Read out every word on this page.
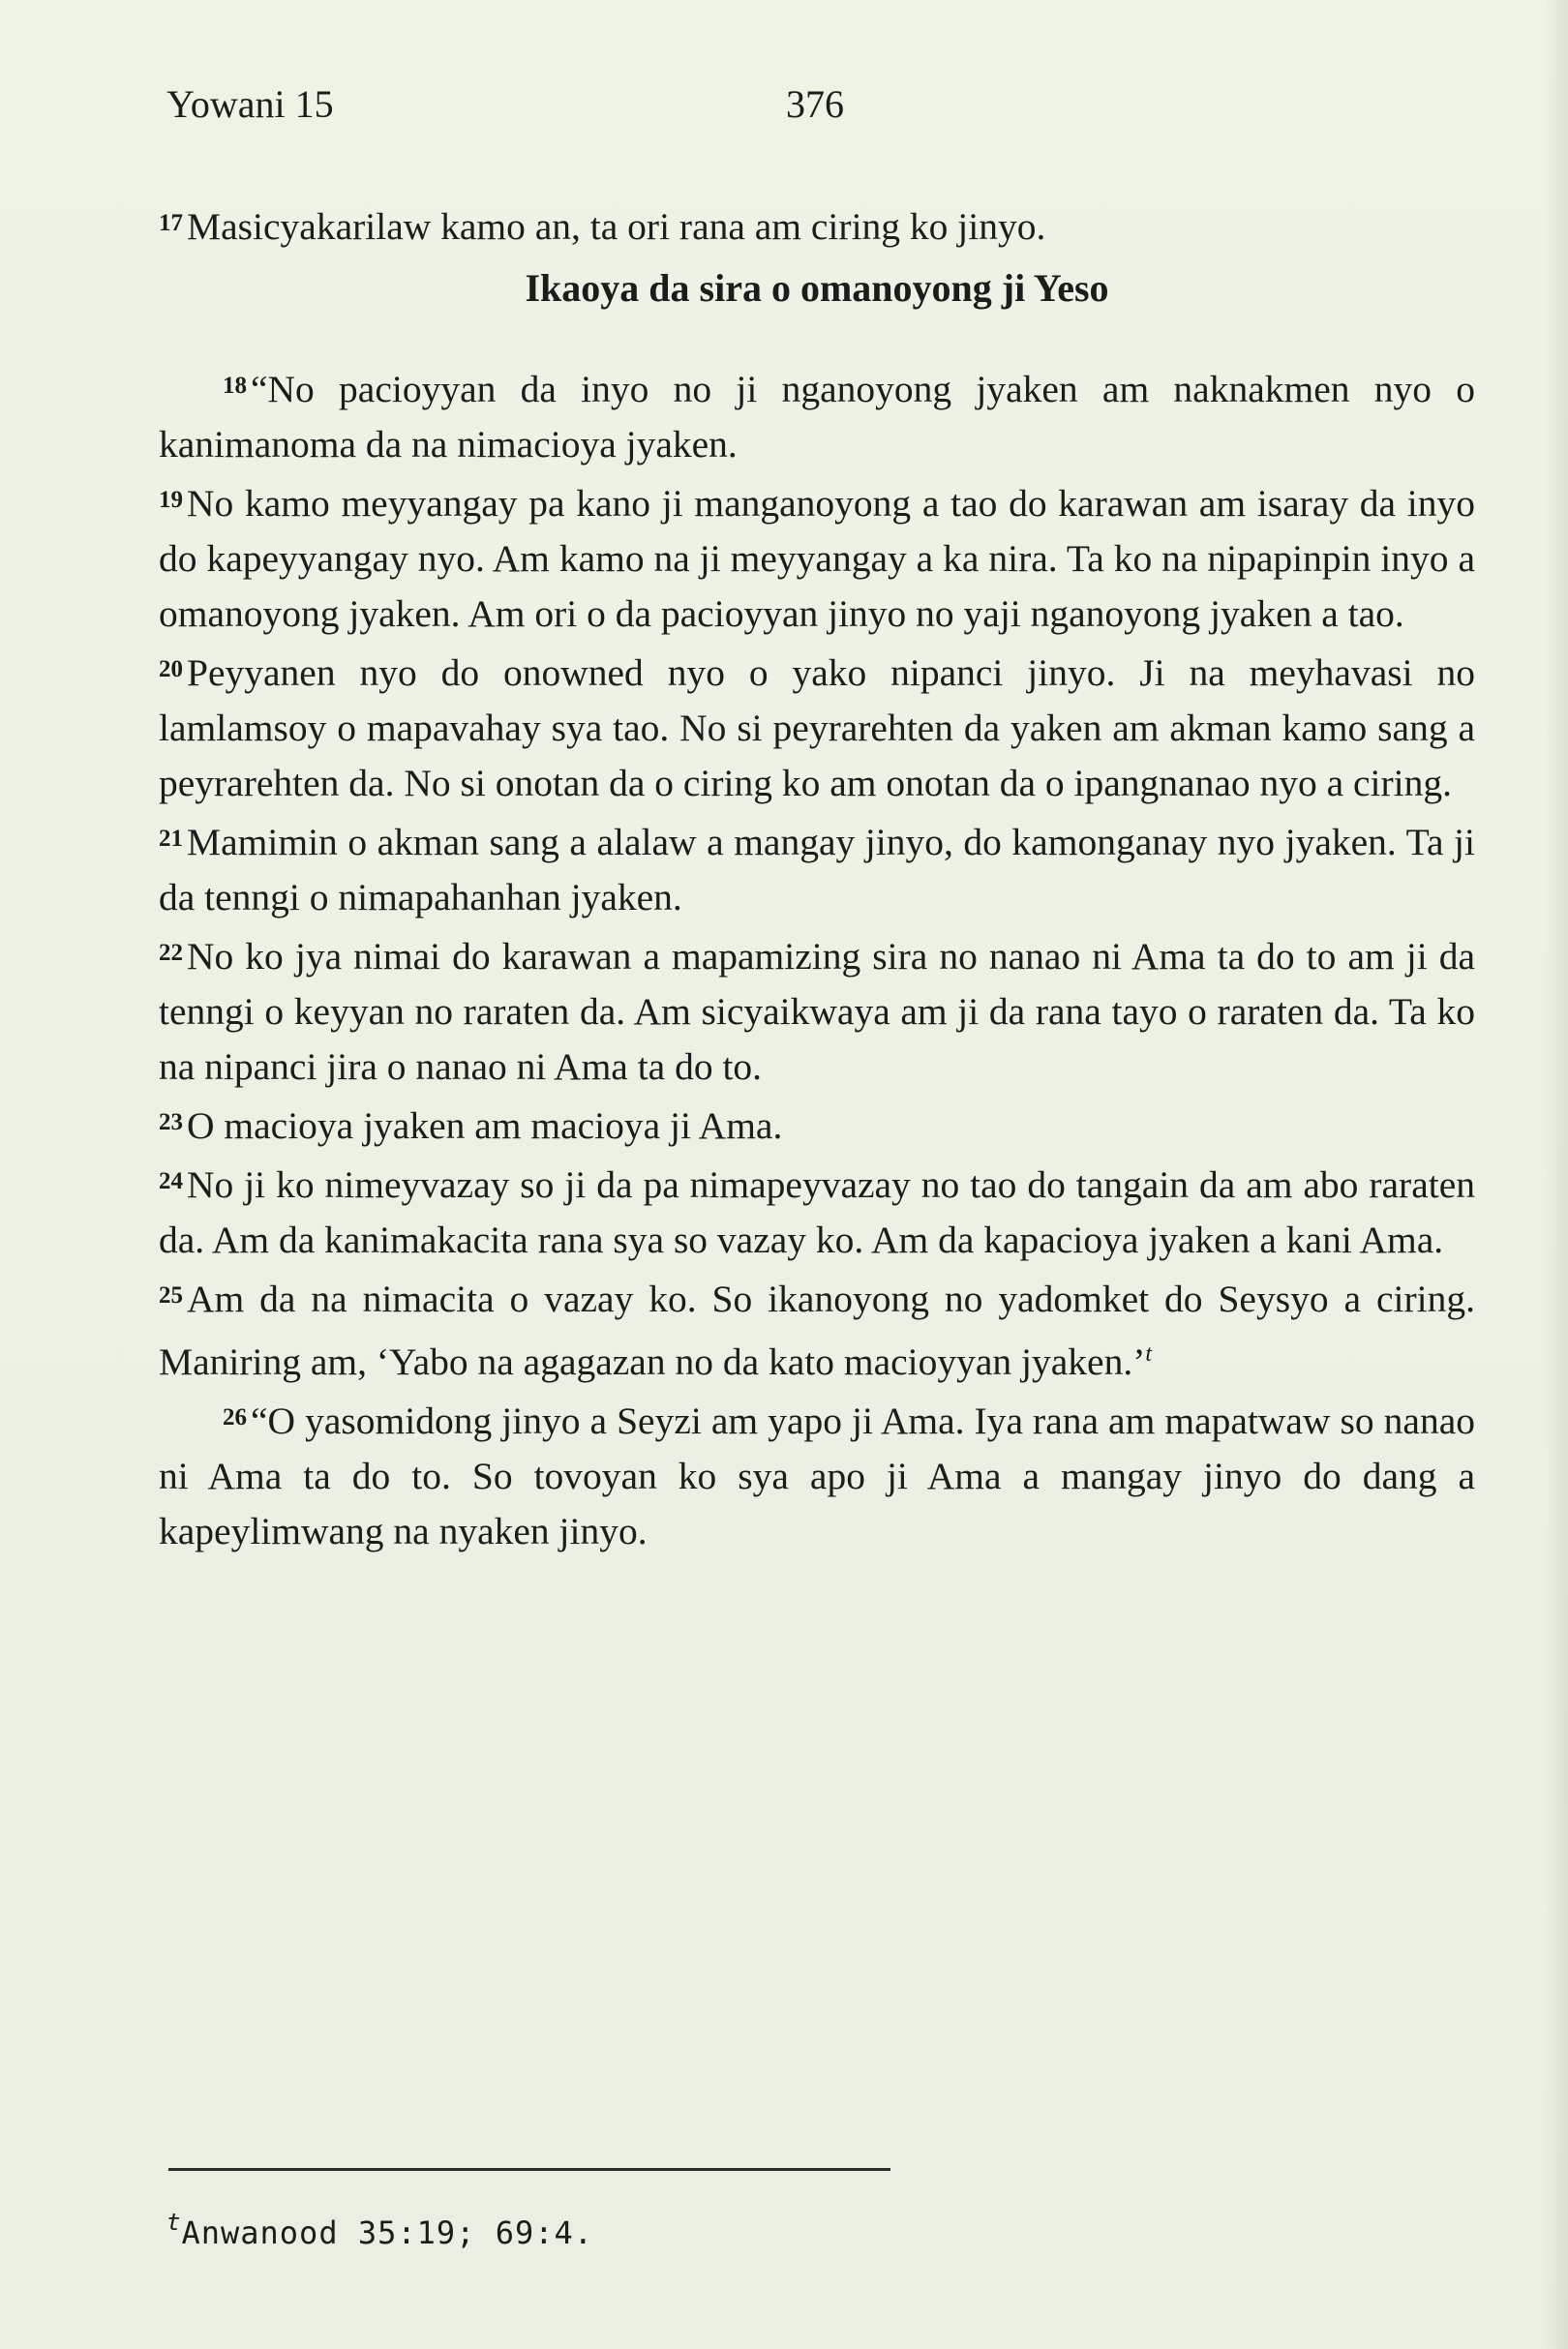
Yowani 15	376

$^{17}$ Masicyakarilaw kamo an, ta ori rana am ciring ko jinyo.

Ikaoya da sira o omanoyong ji Yeso

$^{18}$ “No pacioyyan da inyo no ji nganoyong jyaken am naknakmen nyo o kanimanoma da na nimacioya jyaken.

$^{19}$ No kamo meyyangay pa kano ji manganoyong a tao do karawan am isaray da inyo do kapeyyangay nyo. Am kamo na ji meyyangay a ka nira. Ta ko na nipapinpin inyo a omanoyong jyaken. Am ori o da pacioyyan jinyo no yaji nganoyong jyaken a tao.

$^{20}$ Peyyanen nyo do onowned nyo o yako nipanci jinyo. Ji na meyhavasi no lamlamsoy o mapavahay sya tao. No si peyrarehten da yaken am akman kamo sang a peyrarehten da. No si onotan da o ciring ko am onotan da o ipangnanao nyo a ciring.

$^{21}$ Mamimin o akman sang a alalaw a mangay jinyo, do kamonganay nyo jyaken. Ta ji da tenngi o nimapahanhan jyaken.

$^{22}$ No ko jya nimai do karawan a mapamizing sira no nanao ni Ama ta do to am ji da tenngi o keyyan no raraten da. Am sicyaikwaya am ji da rana tayo o raraten da. Ta ko na nipanci jira o nanao ni Ama ta do to.

$^{23}$ O macioya jyaken am macioya ji Ama.

$^{24}$ No ji ko nimeyvazay so ji da pa nimapeyvazay no tao do tangain da am abo raraten da. Am da kanimakacita rana sya so vazay ko. Am da kapacioya jyaken a kani Ama.

$^{25}$ Am da na nimacita o vazay ko. So ikanoyong no yadomket do Seysyo a ciring. Maniring am, ‘Yabo na agagazan no da kato macioyyan jyaken.’$^t$

$^{26}$ “O yasomidong jinyo a Seyzi am yapo ji Ama. Iya rana am mapatwaw so nanao ni Ama ta do to. So tovoyan ko sya apo ji Ama a mangay jinyo do dang a kapeylimwang na nyaken jinyo.

$^t$Anwanood 35:19; 69:4.
